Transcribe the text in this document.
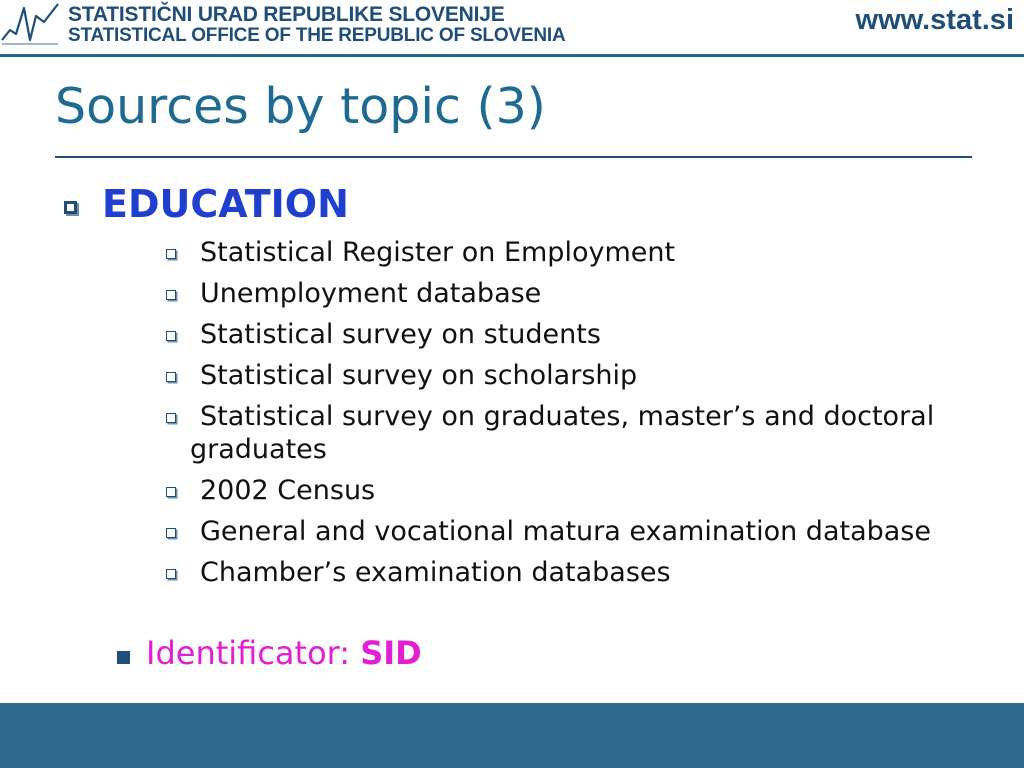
STATISTIČNI URAD REPUBLIKE SLOVENIJE
STATISTICAL OFFICE OF THE REPUBLIC OF SLOVENIA	www.stat.si
Sources by topic (3)
EDUCATION
Statistical Register on Employment
Unemployment database
Statistical survey on students
Statistical survey on scholarship
Statistical survey on graduates, master’s and doctoral graduates
2002 Census
General and vocational matura examination database
Chamber’s examination databases
Identificator: SID
